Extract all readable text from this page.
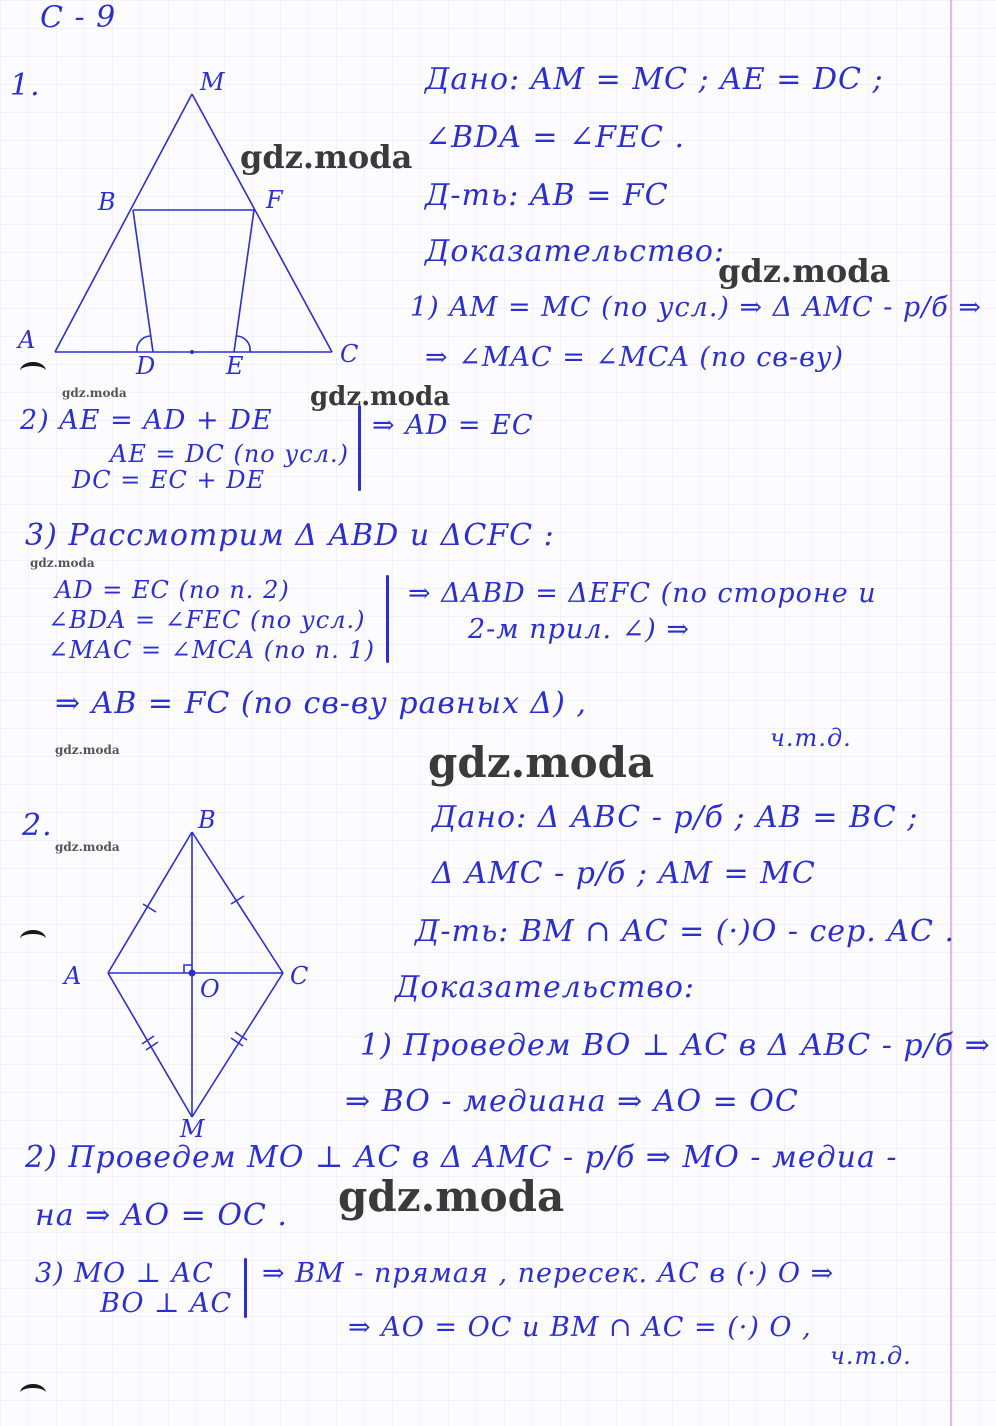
С - 9
1.	M
B	F
A
D	E	C
Дано: AM = MC ; AE = DC ;
∠BDA = ∠FEC .
Д-ть: AB = FC
Доказательство:
1) AM = MC (по усл.) ⇒ Δ AMC - р/б ⇒
⇒ ∠MAC = ∠MCA (по св-ву)
2) AE = AD + DE
AE = DC (по усл.)
DC = EC + DE
⇒ AD = EC
3) Рассмотрим Δ ABD и ΔCFC :
AD = EC (по п. 2)
∠BDA = ∠FEC (по усл.)
∠MAC = ∠MCA (по п. 1)
⇒ ΔABD = ΔEFC (по стороне и
2-м прил. ∠) ⇒
⇒ AB = FC (по св-ву равных Δ) ,
ч.т.д.
2.	B
A	C
O
M
Дано: Δ ABC - р/б ; AB = BC ;
Δ AMC - р/б ; AM = MC
Д-ть: BM ∩ AC = (·)O - сер. AC .
Доказательство:
1) Проведем BO ⊥ AC в Δ ABC - р/б ⇒
⇒ BO - медиана ⇒ AO = OC
2) Проведем MO ⊥ AC в Δ AMC - р/б ⇒ MO - медиа -
на ⇒ AO = OC .
3) MO ⊥ AC
BO ⊥ AC
⇒ BM - прямая , пересек. AC в (·) O ⇒
⇒ AO = OC и BM ∩ AC = (·) O ,
ч.т.д.
gdz.moda
gdz.moda
gdz.moda	gdz.moda
gdz.moda
gdz.moda	gdz.moda
gdz.moda
gdz.moda
